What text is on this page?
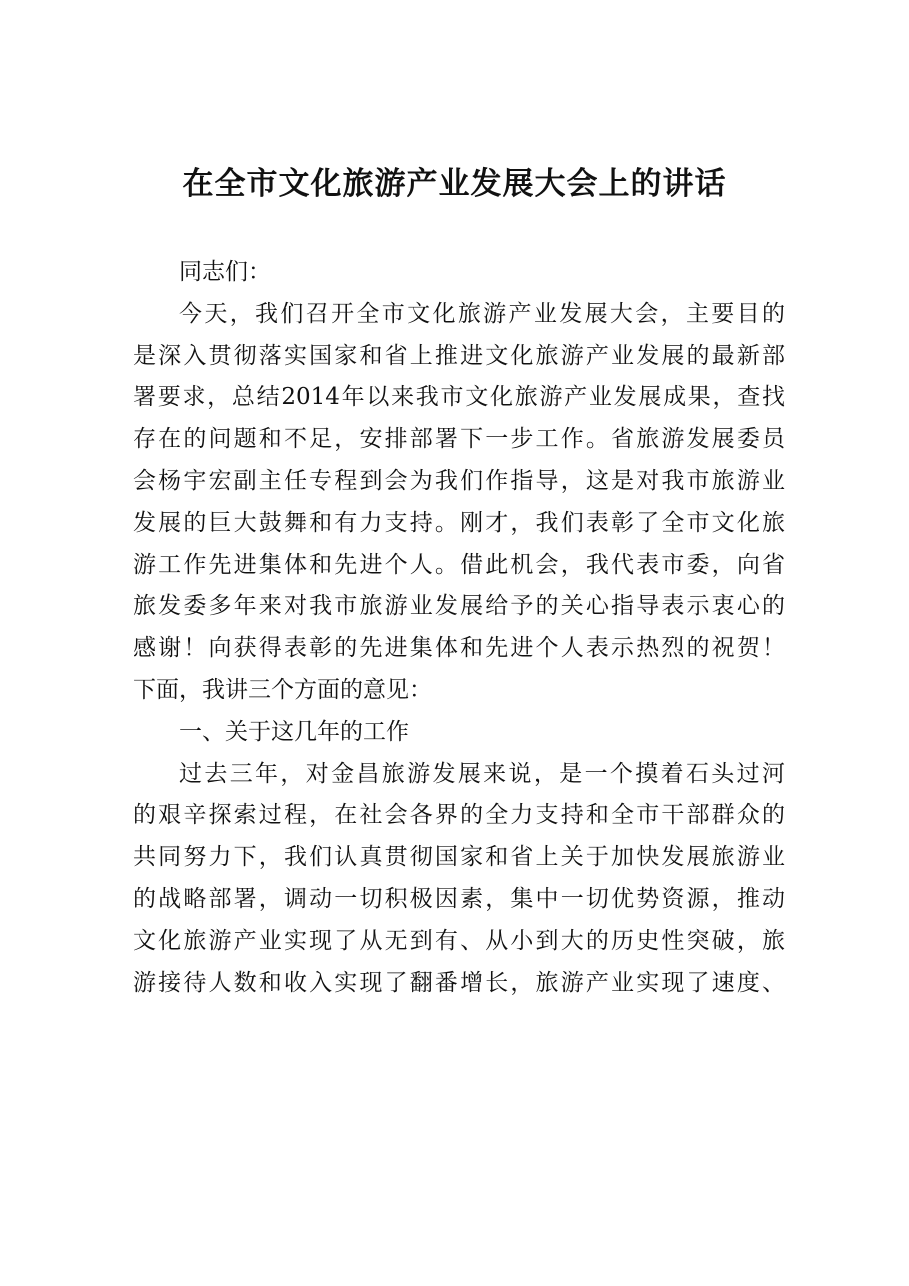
在全市文化旅游产业发展大会上的讲话
同志们：
今天，我们召开全市文化旅游产业发展大会，主要目的
是深入贯彻落实国家和省上推进文化旅游产业发展的最新部
署要求，总结2014年以来我市文化旅游产业发展成果，查找
存在的问题和不足，安排部署下一步工作。省旅游发展委员
会杨宇宏副主任专程到会为我们作指导，这是对我市旅游业
发展的巨大鼓舞和有力支持。刚才，我们表彰了全市文化旅
游工作先进集体和先进个人。借此机会，我代表市委，向省
旅发委多年来对我市旅游业发展给予的关心指导表示衷心的
感谢！向获得表彰的先进集体和先进个人表示热烈的祝贺！
下面，我讲三个方面的意见：
一、关于这几年的工作
过去三年，对金昌旅游发展来说，是一个摸着石头过河
的艰辛探索过程，在社会各界的全力支持和全市干部群众的
共同努力下，我们认真贯彻国家和省上关于加快发展旅游业
的战略部署，调动一切积极因素，集中一切优势资源，推动
文化旅游产业实现了从无到有、从小到大的历史性突破，旅
游接待人数和收入实现了翻番增长，旅游产业实现了速度、
